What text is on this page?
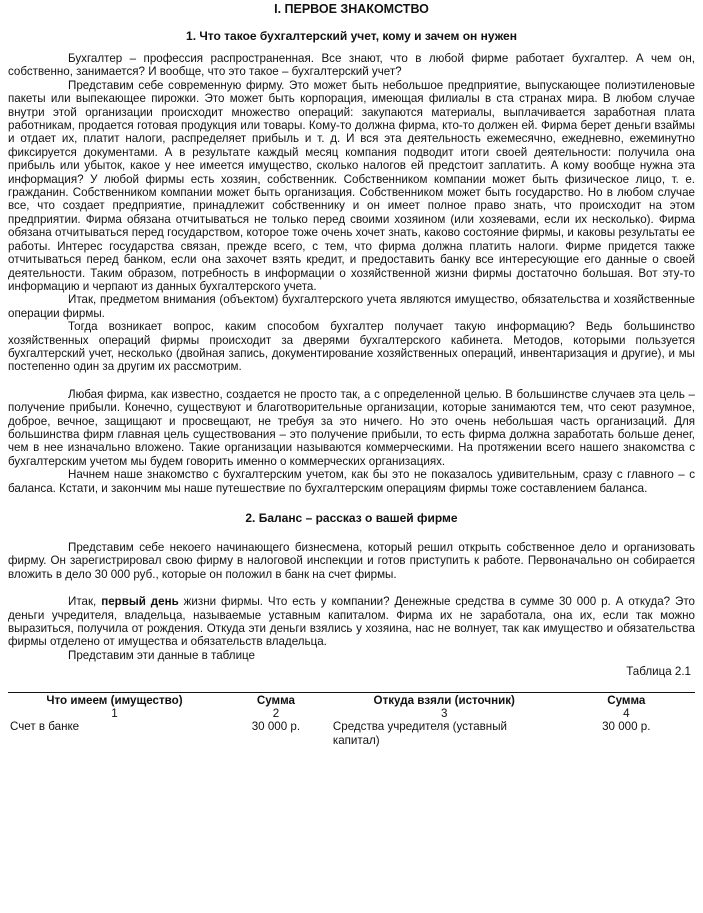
I. ПЕРВОЕ ЗНАКОМСТВО
1. Что такое бухгалтерский учет, кому и зачем он нужен

Бухгалтер – профессия распространенная. Все знают, что в любой фирме работает бухгалтер. А чем он, собственно, занимается? И вообще, что это такое – бухгалтерский учет?

Представим себе современную фирму. Это может быть небольшое предприятие, выпускающее полиэтиленовые пакеты или выпекающее пирожки. Это может быть корпорация, имеющая филиалы в ста странах мира. В любом случае внутри этой организации происходит множество операций: закупаются материалы, выплачивается заработная плата работникам, продается готовая продукция или товары. Кому-то должна фирма, кто-то должен ей. Фирма берет деньги взаймы и отдает их, платит налоги, распределяет прибыль и т. д. И вся эта деятельность ежемесячно, ежедневно, ежеминутно фиксируется документами. А в результате каждый месяц компания подводит итоги своей деятельности: получила она прибыль или убыток, какое у нее имеется имущество, сколько налогов ей предстоит заплатить. А кому вообще нужна эта информация? У любой фирмы есть хозяин, собственник. Собственником компании может быть физическое лицо, т. е. гражданин. Собственником компании может быть организация. Собственником может быть государство. Но в любом случае все, что создает предприятие, принадлежит собственнику и он имеет полное право знать, что происходит на этом предприятии. Фирма обязана отчитываться не только перед своими хозяином (или хозяевами, если их несколько). Фирма обязана отчитываться перед государством, которое тоже очень хочет знать, каково состояние фирмы, и каковы результаты ее работы. Интерес государства связан, прежде всего, с тем, что фирма должна платить налоги. Фирме придется также отчитываться перед банком, если она захочет взять кредит, и предоставить банку все интересующие его данные о своей деятельности. Таким образом, потребность в информации о хозяйственной жизни фирмы достаточно большая. Вот эту-то информацию и черпают из данных бухгалтерского учета.

Итак, предметом внимания (объектом) бухгалтерского учета являются имущество, обязательства и хозяйственные операции фирмы.

Тогда возникает вопрос, каким способом бухгалтер получает такую информацию? Ведь большинство хозяйственных операций фирмы происходит за дверями бухгалтерского кабинета. Методов, которыми пользуется бухгалтерский учет, несколько (двойная запись, документирование хозяйственных операций, инвентаризация и другие), и мы постепенно один за другим их рассмотрим.

Любая фирма, как известно, создается не просто так, а с определенной целью. В большинстве случаев эта цель – получение прибыли. Конечно, существуют и благотворительные организации, которые занимаются тем, что сеют разумное, доброе, вечное, защищают и просвещают, не требуя за это ничего. Но это очень небольшая часть организаций. Для большинства фирм главная цель существования – это получение прибыли, то есть фирма должна заработать больше денег, чем в нее изначально вложено. Такие организации называются коммерческими. На протяжении всего нашего знакомства с бухгалтерским учетом мы будем говорить именно о коммерческих организациях.

Начнем наше знакомство с бухгалтерским учетом, как бы это не показалось удивительным, сразу с главного – с баланса. Кстати, и закончим мы наше путешествие по бухгалтерским операциям фирмы тоже составлением баланса.

2. Баланс – рассказ о вашей фирме

Представим себе некоего начинающего бизнесмена, который решил открыть собственное дело и организовать фирму. Он зарегистрировал свою фирму в налоговой инспекции и готов приступить к работе. Первоначально он собирается вложить в дело 30 000 руб., которые он положил в банк на счет фирмы.

Итак, первый день жизни фирмы. Что есть у компании? Денежные средства в сумме 30 000 р. А откуда? Это деньги учредителя, владельца, называемые уставным капиталом. Фирма их не заработала, она их, если так можно выразиться, получила от рождения. Откуда эти деньги взялись у хозяина, нас не волнует, так как имущество и обязательства фирмы отделено от имущества и обязательств владельца.

Представим эти данные в таблице

Таблица 2.1
Что имеем (имущество)	Сумма	Откуда взяли (источник)	Сумма
1	2	3	4
Счет в банке	30 000 р.	Средства учредителя (уставный капитал)	30 000 р.
